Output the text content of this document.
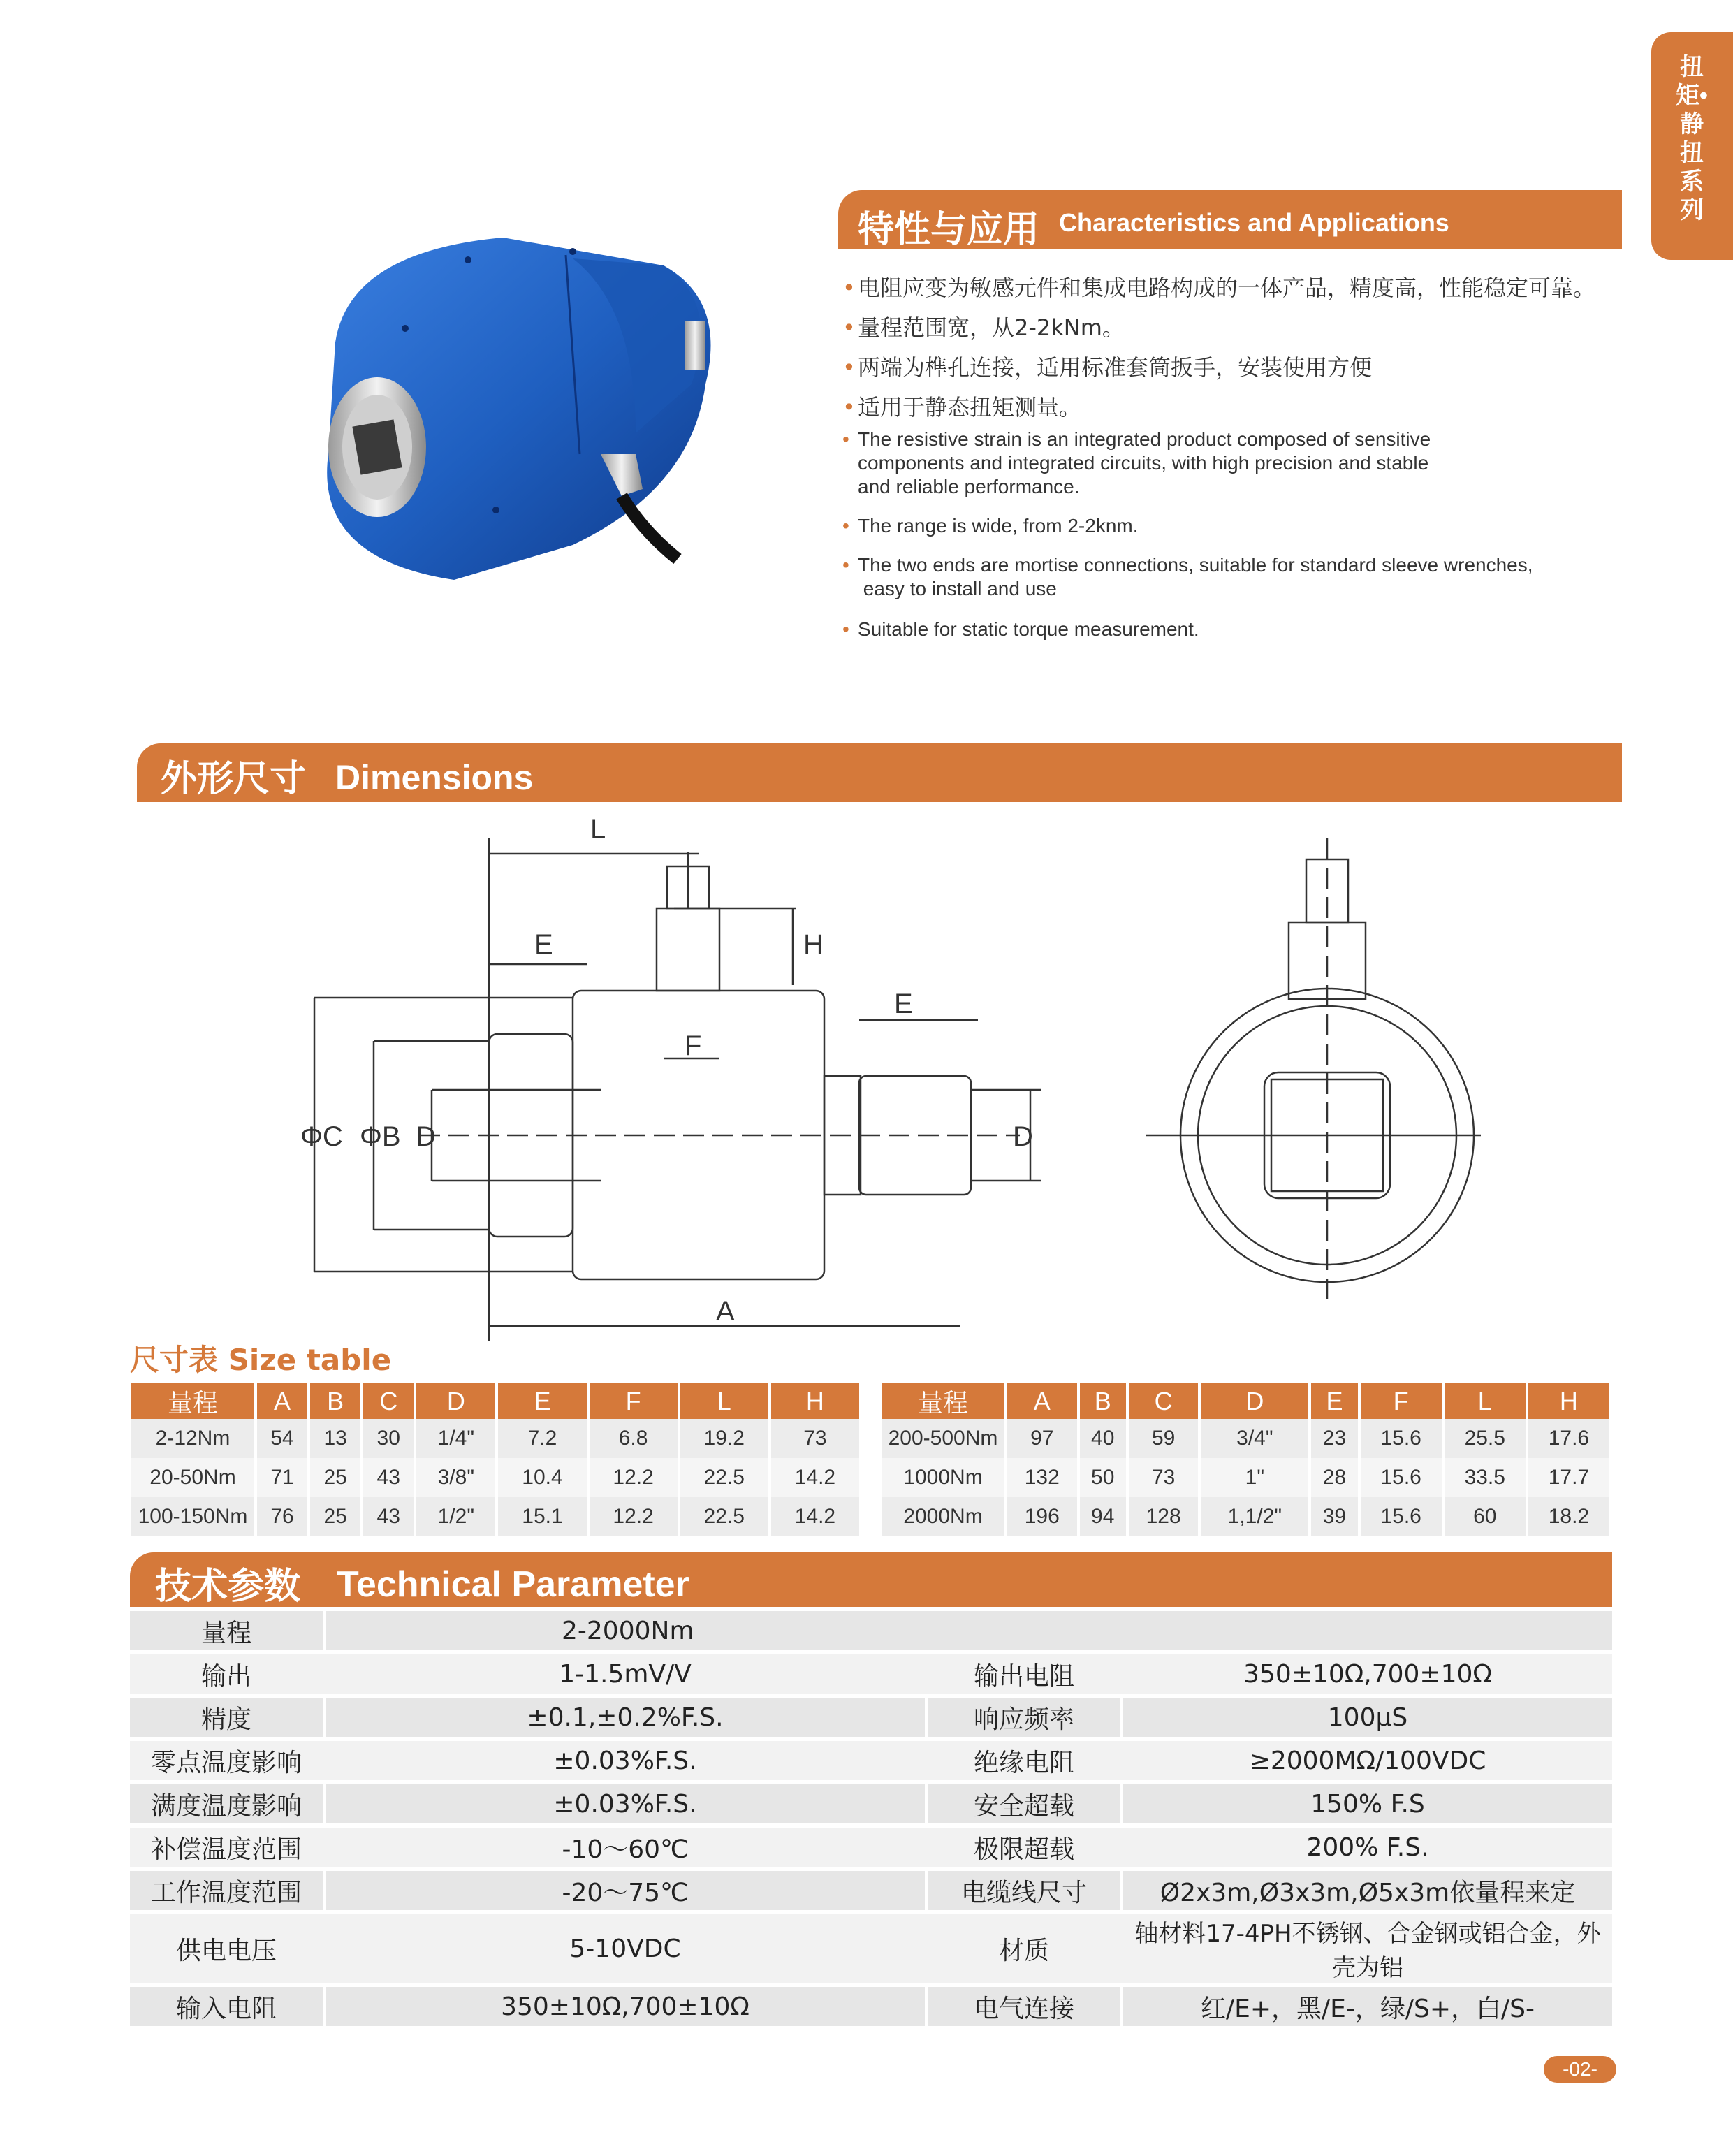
扭矩•静扭系列
特性与应用 Characteristics and Applications
• 电阻应变为敏感元件和集成电路构成的一体产品，精度高，性能稳定可靠。
• 量程范围宽，从2-2kNm。
• 两端为榫孔连接，适用标准套筒扳手，安装使用方便
• 适用于静态扭矩测量。
• The resistive strain is an integrated product composed of sensitive
components and integrated circuits, with high precision and stable
and reliable performance.
• The range is wide, from 2-2knm.
• The two ends are mortise connections, suitable for standard sleeve wrenches,
easy to install and use
• Suitable for static torque measurement.
外形尺寸 Dimensions
L
E	H
F
E
A
ΦC ΦB D	D
尺寸表 Size table
量程	A	B	C	D	E	F	L	H
2-12Nm	54	13	30	1/4"	7.2	6.8	19.2	73
20-50Nm	71	25	43	3/8"	10.4	12.2	22.5	14.2
100-150Nm	76	25	43	1/2"	15.1	12.2	22.5	14.2
量程	A	B	C	D	E	F	L	H
200-500Nm	97	40	59	3/4"	23	15.6	25.5	17.6
1000Nm	132	50	73	1"	28	15.6	33.5	17.7
2000Nm	196	94	128	1,1/2"	39	15.6	60	18.2
技术参数 Technical Parameter
量程		2-2000Nm				
输出		1-1.5mV/V		输出电阻		350±10Ω,700±10Ω
精度		±0.1,±0.2%F.S.		响应频率		100μS
零点温度影响		±0.03%F.S.		绝缘电阻		≥2000MΩ/100VDC
满度温度影响		±0.03%F.S.		安全超载		150% F.S
补偿温度范围		-10～60℃		极限超载		200% F.S.
工作温度范围		-20～75℃		电缆线尺寸		Ø2x3m,Ø3x3m,Ø5x3m依量程来定
供电电压		5-10VDC		材质		轴材料17-4PH不锈钢、合金钢或铝合金，外壳为铝
输入电阻		350±10Ω,700±10Ω		电气连接		红/E+，黑/E-，绿/S+，白/S-
-02-
